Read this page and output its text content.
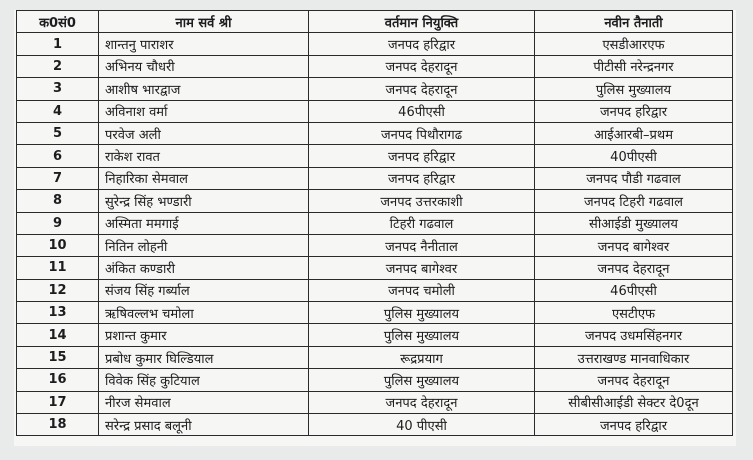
क0सं0	नाम सर्व श्री	वर्तमान नियुक्ति	नवीन तैनाती
1	शान्तनु पाराशर	जनपद हरिद्वार	एसडीआरएफ
2	अभिनय चौधरी	जनपद देहरादून	पीटीसी नरेन्द्रनगर
3	आशीष भारद्वाज	जनपद देहरादून	पुलिस मुख्यालय
4	अविनाश वर्मा	46पीएसी	जनपद हरिद्वार
5	परवेज अली	जनपद पिथौरागढ	आईआरबी–प्रथम
6	राकेश रावत	जनपद हरिद्वार	40पीएसी
7	निहारिका सेमवाल	जनपद हरिद्वार	जनपद पौडी गढवाल
8	सुरेन्द्र सिंह भण्डारी	जनपद उत्तरकाशी	जनपद टिहरी गढवाल
9	अस्मिता ममगाई	टिहरी गढवाल	सीआईडी मुख्यालय
10	नितिन लोहनी	जनपद नैनीताल	जनपद बागेश्वर
11	अंकित कण्डारी	जनपद बागेश्वर	जनपद देहरादून
12	संजय सिंह गर्ब्याल	जनपद चमोली	46पीएसी
13	ऋषिवल्लभ चमोला	पुलिस मुख्यालय	एसटीएफ
14	प्रशान्त कुमार	पुलिस मुख्यालय	जनपद उधमसिंहनगर
15	प्रबोध कुमार घिल्डियाल	रूद्रप्रयाग	उत्तराखण्ड मानवाधिकार
16	विवेक सिंह कुटियाल	पुलिस मुख्यालय	जनपद देहरादून
17	नीरज सेमवाल	जनपद देहरादून	सीबीसीआईडी सेक्टर दे0दून
18	सरेन्द्र प्रसाद बलूनी	40 पीएसी	जनपद हरिद्वार
